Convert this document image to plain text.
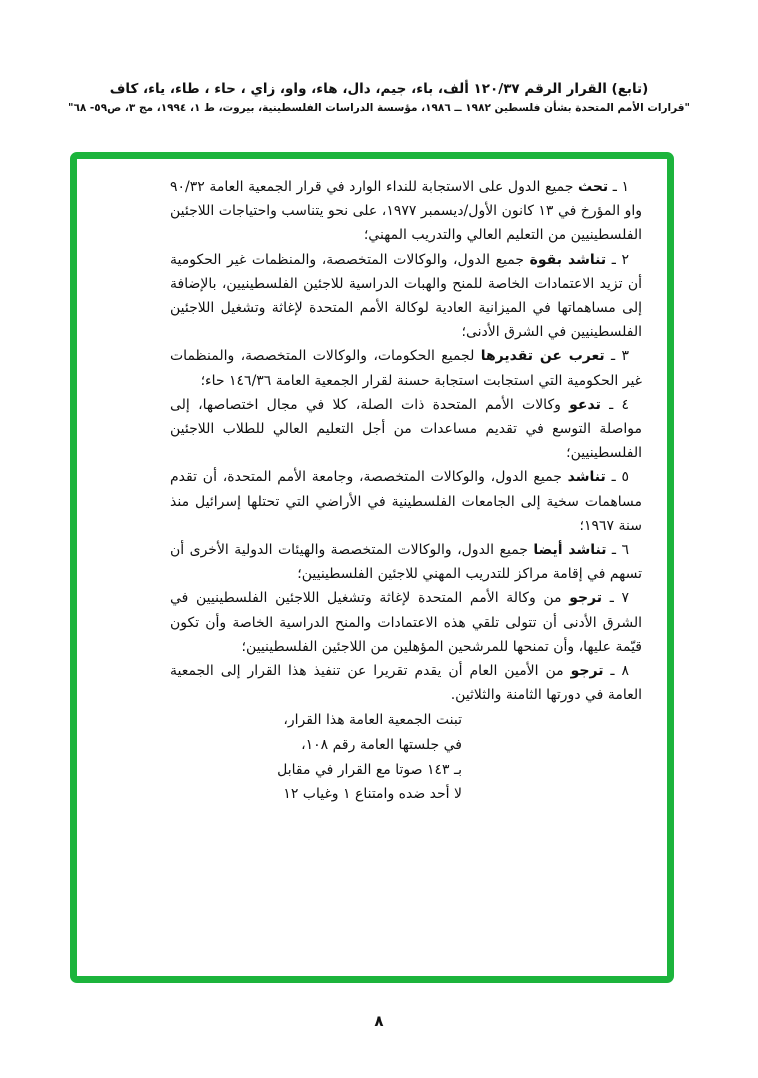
(تابع) القرار الرقم ١٢٠/٣٧ ألف، باء، جيم، دال، هاء، واو، زاي ، حاء ، طاء، ياء، كاف
"قرارات الأمم المتحدة بشأن فلسطين ١٩٨٢ ــ ١٩٨٦، مؤسسة الدراسات الفلسطينية، بيروت، ط ١، ١٩٩٤، مج ٣، ص٥٩- ٦٨"

١ ـ تحث جميع الدول على الاستجابة للنداء الوارد في قرار الجمعية العامة ٩٠/٣٢ واو المؤرخ في ١٣ كانون الأول/ديسمبر ١٩٧٧، على نحو يتناسب واحتياجات اللاجئين الفلسطينيين من التعليم العالي والتدريب المهني؛

٢ ـ تناشد بقوة جميع الدول، والوكالات المتخصصة، والمنظمات غير الحكومية أن تزيد الاعتمادات الخاصة للمنح والهبات الدراسية للاجئين الفلسطينيين، بالإضافة إلى مساهماتها في الميزانية العادية لوكالة الأمم المتحدة لإغاثة وتشغيل اللاجئين الفلسطينيين في الشرق الأدنى؛

٣ ـ تعرب عن تقديرها لجميع الحكومات، والوكالات المتخصصة، والمنظمات غير الحكومية التي استجابت استجابة حسنة لقرار الجمعية العامة ١٤٦/٣٦ حاء؛

٤ ـ تدعو وكالات الأمم المتحدة ذات الصلة، كلا في مجال اختصاصها، إلى مواصلة التوسع في تقديم مساعدات من أجل التعليم العالي للطلاب اللاجئين الفلسطينيين؛

٥ ـ تناشد جميع الدول، والوكالات المتخصصة، وجامعة الأمم المتحدة، أن تقدم مساهمات سخية إلى الجامعات الفلسطينية في الأراضي التي تحتلها إسرائيل منذ سنة ١٩٦٧؛

٦ ـ تناشد أيضا جميع الدول، والوكالات المتخصصة والهيئات الدولية الأخرى أن تسهم في إقامة مراكز للتدريب المهني للاجئين الفلسطينيين؛

٧ ـ ترجو من وكالة الأمم المتحدة لإغاثة وتشغيل اللاجئين الفلسطينيين في الشرق الأدنى أن تتولى تلقي هذه الاعتمادات والمنح الدراسية الخاصة وأن تكون قيّمة عليها، وأن تمنحها للمرشحين المؤهلين من اللاجئين الفلسطينيين؛

٨ ـ ترجو من الأمين العام أن يقدم تقريرا عن تنفيذ هذا القرار إلى الجمعية العامة في دورتها الثامنة والثلاثين.

تبنت الجمعية العامة هذا القرار،
في جلستها العامة رقم ١٠٨،
بـ ١٤٣ صوتا مع القرار في مقابل
لا أحد ضده وامتناع ١ وغياب ١٢
٨
